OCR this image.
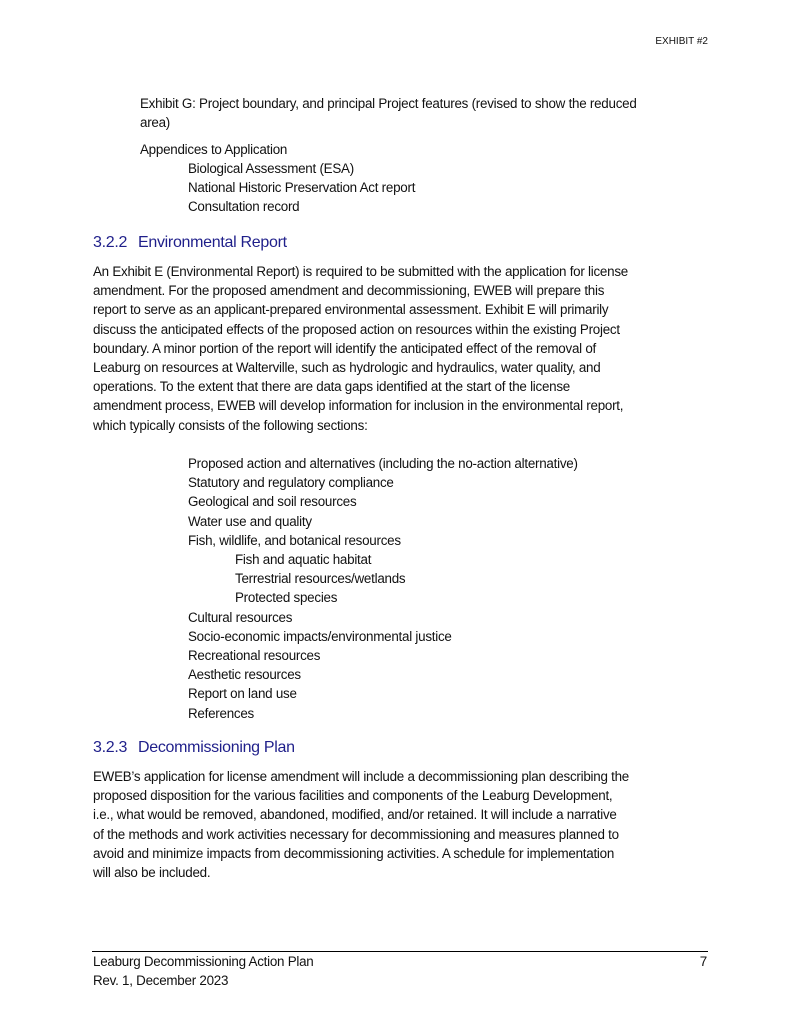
EXHIBIT #2
Exhibit G: Project boundary, and principal Project features (revised to show the reduced
area)
Appendices to Application
Biological Assessment (ESA)
National Historic Preservation Act report
Consultation record
3.2.2 Environmental Report
An Exhibit E (Environmental Report) is required to be submitted with the application for license
amendment. For the proposed amendment and decommissioning, EWEB will prepare this
report to serve as an applicant-prepared environmental assessment. Exhibit E will primarily
discuss the anticipated effects of the proposed action on resources within the existing Project
boundary. A minor portion of the report will identify the anticipated effect of the removal of
Leaburg on resources at Walterville, such as hydrologic and hydraulics, water quality, and
operations. To the extent that there are data gaps identified at the start of the license
amendment process, EWEB will develop information for inclusion in the environmental report,
which typically consists of the following sections:
Proposed action and alternatives (including the no-action alternative)
Statutory and regulatory compliance
Geological and soil resources
Water use and quality
Fish, wildlife, and botanical resources
Fish and aquatic habitat
Terrestrial resources/wetlands
Protected species
Cultural resources
Socio-economic impacts/environmental justice
Recreational resources
Aesthetic resources
Report on land use
References
3.2.3 Decommissioning Plan
EWEB’s application for license amendment will include a decommissioning plan describing the
proposed disposition for the various facilities and components of the Leaburg Development,
i.e., what would be removed, abandoned, modified, and/or retained. It will include a narrative
of the methods and work activities necessary for decommissioning and measures planned to
avoid and minimize impacts from decommissioning activities. A schedule for implementation
will also be included.
Leaburg Decommissioning Action Plan
Rev. 1, December 2023
7
